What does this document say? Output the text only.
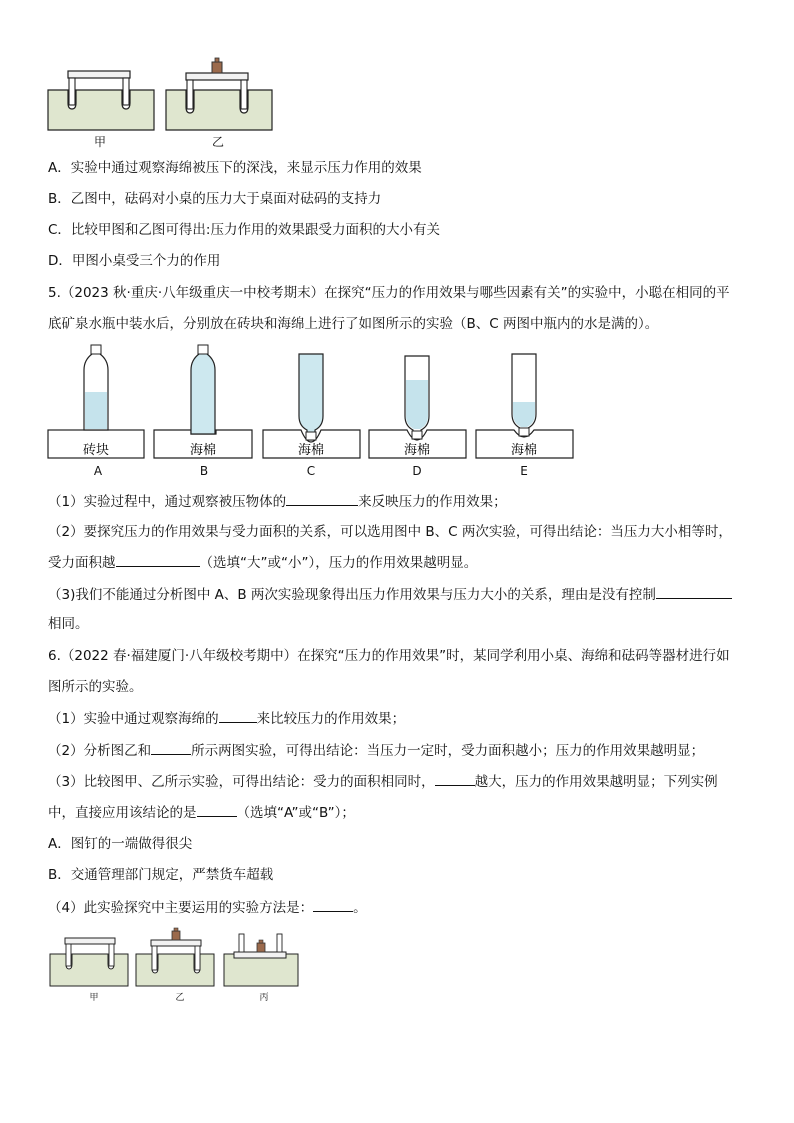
甲	乙
A．实验中通过观察海绵被压下的深浅，来显示压力作用的效果
B．乙图中，砝码对小桌的压力大于桌面对砝码的支持力
C．比较甲图和乙图可得出:压力作用的效果跟受力面积的大小有关
D．甲图小桌受三个力的作用
5.（2023 秋·重庆·八年级重庆一中校考期末）在探究“压力的作用效果与哪些因素有关”的实验中，小聪在相同的平
底矿泉水瓶中装水后，分别放在砖块和海绵上进行了如图所示的实验（B、C 两图中瓶内的水是满的）。
砖块	海棉	海棉	海棉	海棉
A	B	C	D	E
（1）实验过程中，通过观察被压物体的	来反映压力的作用效果；
（2）要探究压力的作用效果与受力面积的关系，可以选用图中 B、C 两次实验，可得出结论：当压力大小相等时，
受力面积越	（选填“大”或“小”），压力的作用效果越明显。
（3)我们不能通过分析图中 A、B 两次实验现象得出压力作用效果与压力大小的关系，理由是没有控制
相同。
6.（2022 春·福建厦门·八年级校考期中）在探究“压力的作用效果”时，某同学利用小桌、海绵和砝码等器材进行如
图所示的实验。
（1）实验中通过观察海绵的	来比较压力的作用效果；
（2）分析图乙和	所示两图实验，可得出结论：当压力一定时，受力面积越小；压力的作用效果越明显；
（3）比较图甲、乙所示实验，可得出结论：受力的面积相同时，	越大，压力的作用效果越明显；下列实例
中，直接应用该结论的是	（选填“A”或“B”）；
A．图钉的一端做得很尖
B．交通管理部门规定，严禁货车超载
（4）此实验探究中主要运用的实验方法是：	。
甲	乙	丙
